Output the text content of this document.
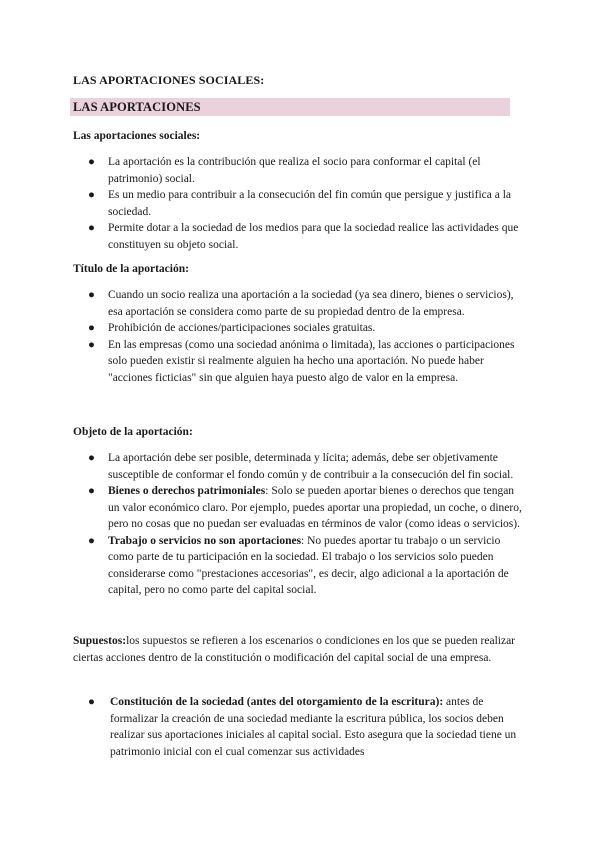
LAS APORTACIONES SOCIALES:
LAS APORTACIONES
Las aportaciones sociales:
● La aportación es la contribución que realiza el socio para conformar el capital (el patrimonio) social.
● Es un medio para contribuir a la consecución del fin común que persigue y justifica a la sociedad.
● Permite dotar a la sociedad de los medios para que la sociedad realice las actividades que constituyen su objeto social.
Título de la aportación:
● Cuando un socio realiza una aportación a la sociedad (ya sea dinero, bienes o servicios), esa aportación se considera como parte de su propiedad dentro de la empresa.
● Prohibición de acciones/participaciones sociales gratuitas.
● En las empresas (como una sociedad anónima o limitada), las acciones o participaciones solo pueden existir si realmente alguien ha hecho una aportación. No puede haber "acciones ficticias" sin que alguien haya puesto algo de valor en la empresa.
Objeto de la aportación:
● La aportación debe ser posible, determinada y lícita; además, debe ser objetivamente susceptible de conformar el fondo común y de contribuir a la consecución del fin social.
● Bienes o derechos patrimoniales: Solo se pueden aportar bienes o derechos que tengan un valor económico claro. Por ejemplo, puedes aportar una propiedad, un coche, o dinero, pero no cosas que no puedan ser evaluadas en términos de valor (como ideas o servicios).
● Trabajo o servicios no son aportaciones: No puedes aportar tu trabajo o un servicio como parte de tu participación en la sociedad. El trabajo o los servicios solo pueden considerarse como "prestaciones accesorias", es decir, algo adicional a la aportación de capital, pero no como parte del capital social.
Supuestos:los supuestos se refieren a los escenarios o condiciones en los que se pueden realizar ciertas acciones dentro de la constitución o modificación del capital social de una empresa.
● Constitución de la sociedad (antes del otorgamiento de la escritura): antes de formalizar la creación de una sociedad mediante la escritura pública, los socios deben realizar sus aportaciones iniciales al capital social. Esto asegura que la sociedad tiene un patrimonio inicial con el cual comenzar sus actividades
